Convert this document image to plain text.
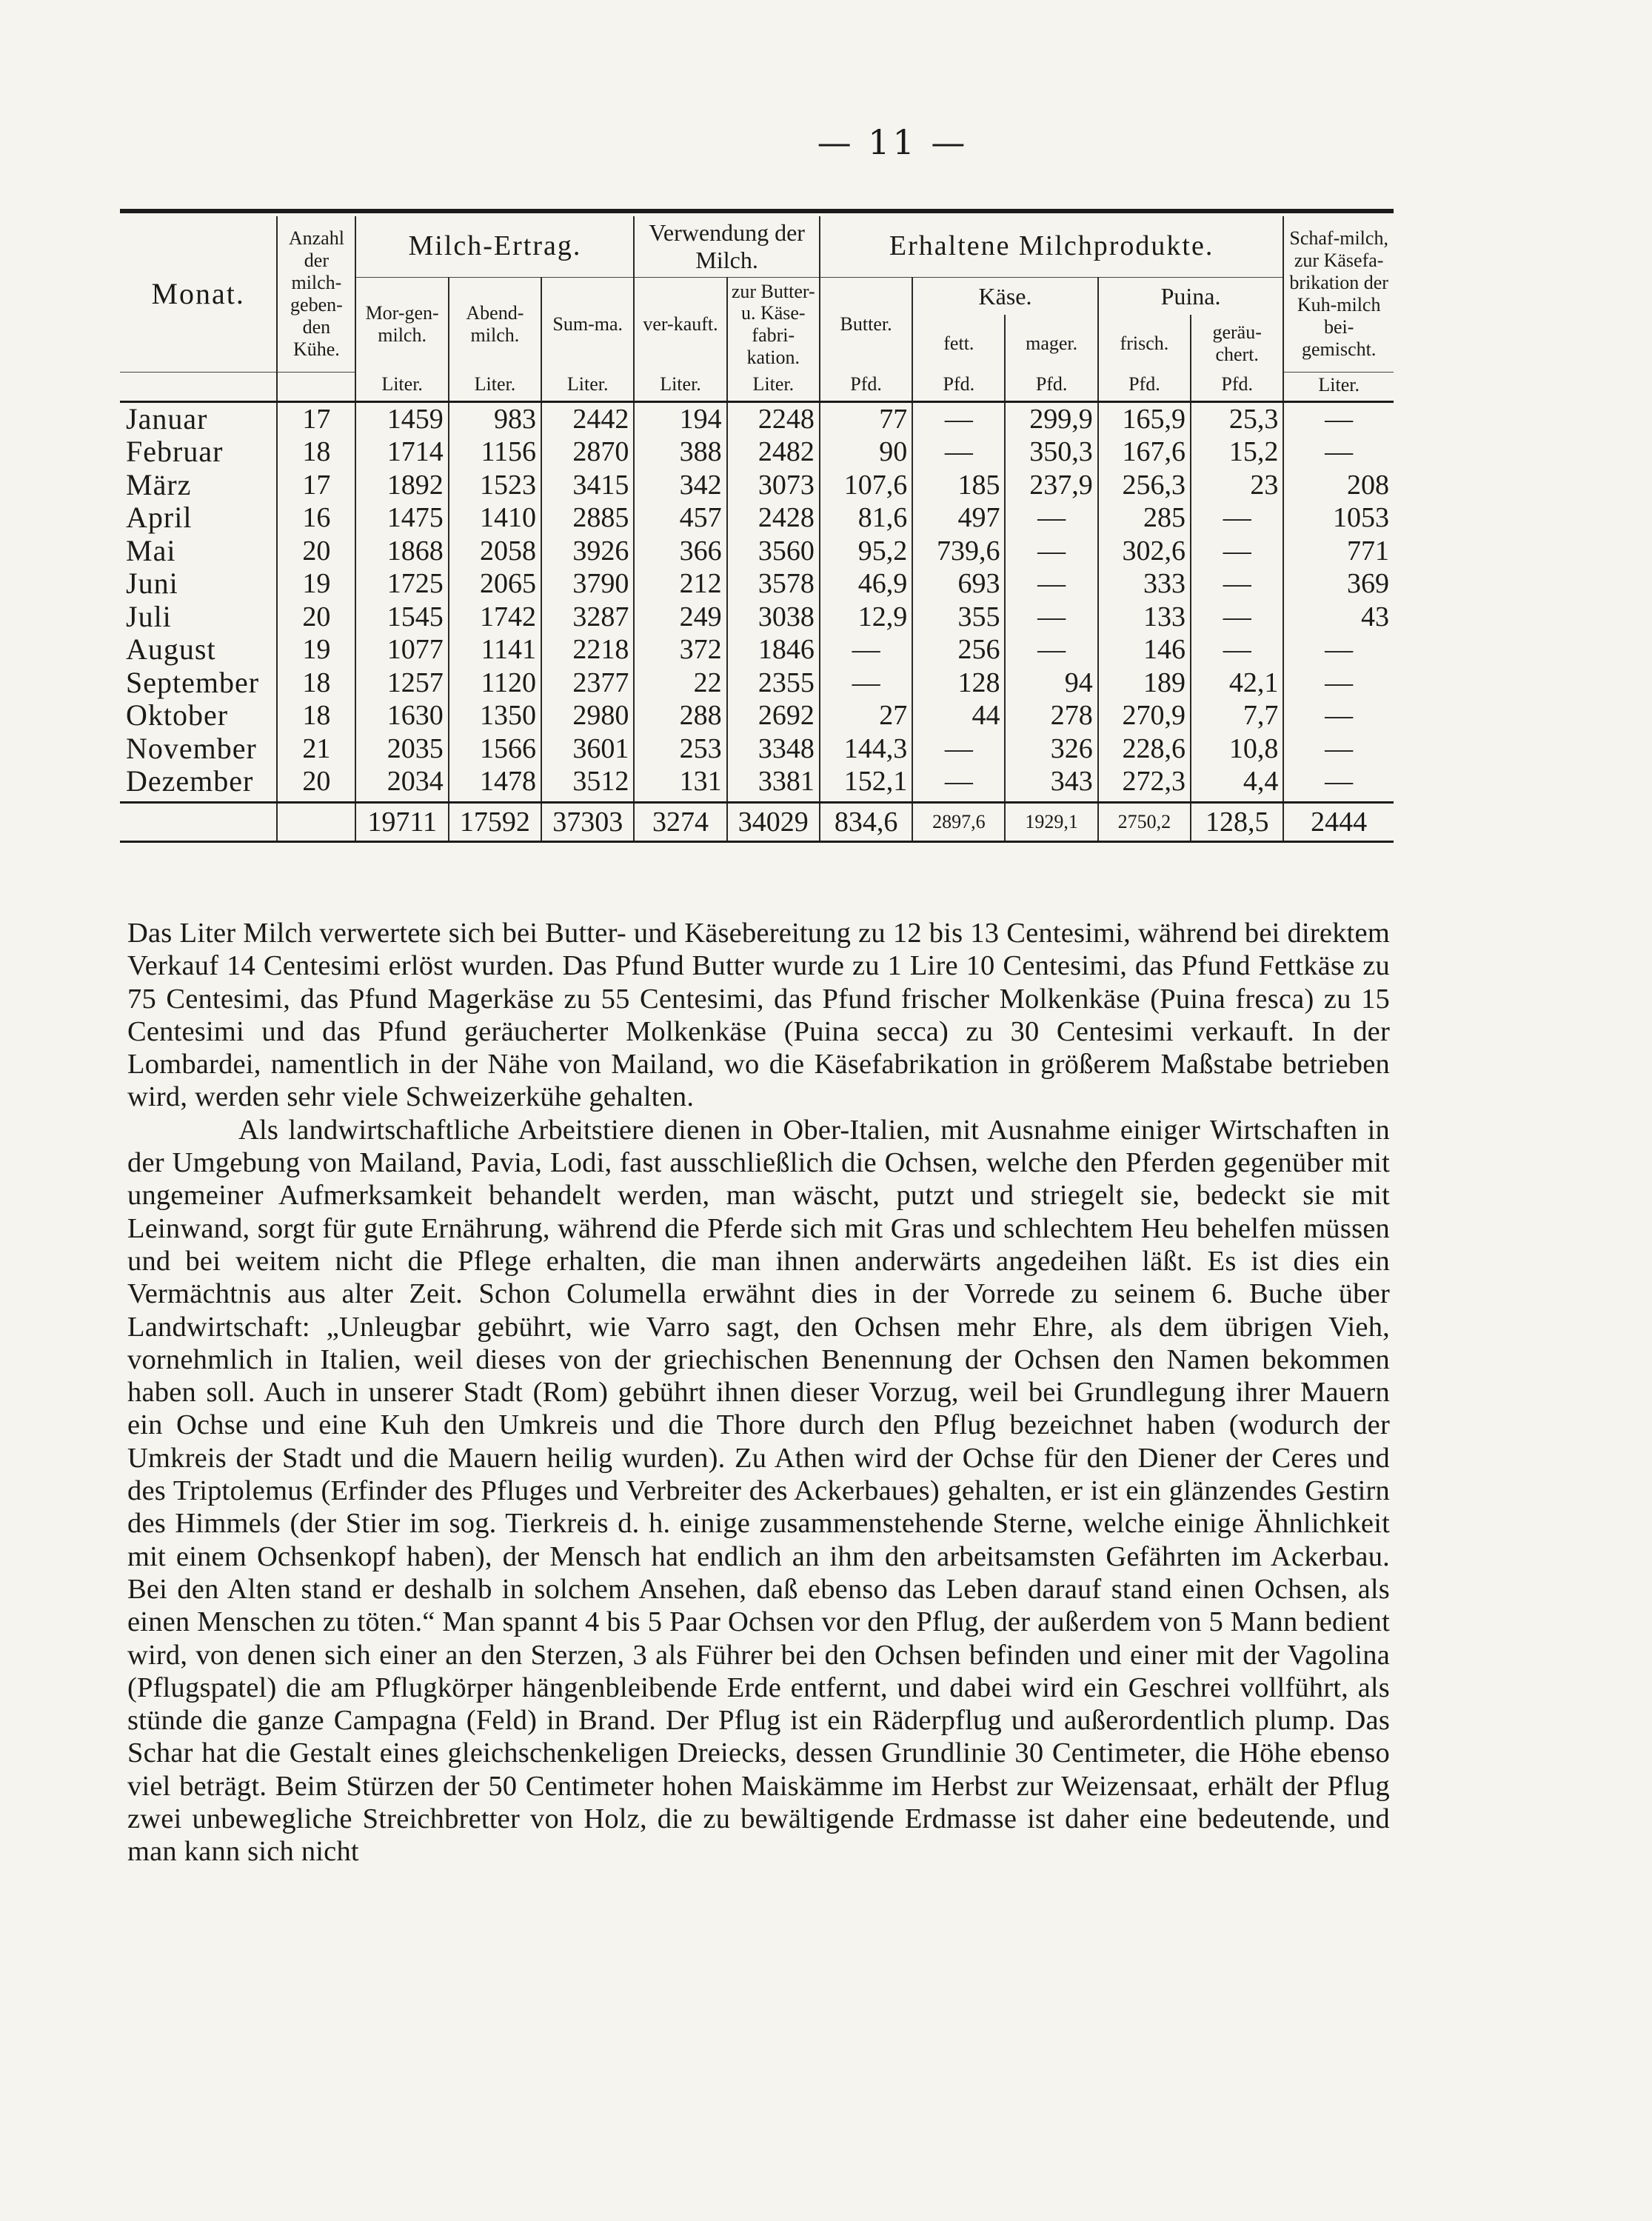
— 11 —
Monat.	Anzahl der milch-geben-den Kühe.	Milch-Ertrag.			Verwendung der Milch.		Erhaltene Milchprodukte.					Schaf-milch, zur Käsefa-brikation der Kuh-milch bei-gemischt.
		Mor-gen-milch.	Abend-milch.	Sum-ma.	ver-kauft.	zur Butter- u. Käse-fabri-kation.	Butter.	Käse.		Puina.		
								fett.	mager.	frisch.	geräu-chert.	
		Liter.	Liter.	Liter.	Liter.	Liter.	Pfd.	Pfd.	Pfd.	Pfd.	Pfd.	Liter.
Januar	17	1459	983	2442	194	2248	77	—	299,9	165,9	25,3	—
Februar	18	1714	1156	2870	388	2482	90	—	350,3	167,6	15,2	—
März	17	1892	1523	3415	342	3073	107,6	185	237,9	256,3	23	208
April	16	1475	1410	2885	457	2428	81,6	497	—	285	—	1053
Mai	20	1868	2058	3926	366	3560	95,2	739,6	—	302,6	—	771
Juni	19	1725	2065	3790	212	3578	46,9	693	—	333	—	369
Juli	20	1545	1742	3287	249	3038	12,9	355	—	133	—	43
August	19	1077	1141	2218	372	1846	—	256	—	146	—	—
September	18	1257	1120	2377	22	2355	—	128	94	189	42,1	—
Oktober	18	1630	1350	2980	288	2692	27	44	278	270,9	7,7	—
November	21	2035	1566	3601	253	3348	144,3	—	326	228,6	10,8	—
Dezember	20	2034	1478	3512	131	3381	152,1	—	343	272,3	4,4	—
		19711	17592	37303	3274	34029	834,6	2897,6	1929,1	2750,2	128,5	2444

Das Liter Milch verwertete sich bei Butter- und Käsebereitung zu 12 bis 13 Centesimi, während bei direktem Verkauf 14 Centesimi erlöst wurden. Das Pfund Butter wurde zu 1 Lire 10 Centesimi, das Pfund Fettkäse zu 75 Centesimi, das Pfund Magerkäse zu 55 Centesimi, das Pfund frischer Molkenkäse (Puina fresca) zu 15 Centesimi und das Pfund geräucherter Molkenkäse (Puina secca) zu 30 Centesimi verkauft. In der Lombardei, namentlich in der Nähe von Mailand, wo die Käsefabrikation in größerem Maßstabe betrieben wird, werden sehr viele Schweizerkühe gehalten.

Als landwirtschaftliche Arbeitstiere dienen in Ober-Italien, mit Ausnahme einiger Wirtschaften in der Umgebung von Mailand, Pavia, Lodi, fast ausschließlich die Ochsen, welche den Pferden gegenüber mit ungemeiner Aufmerksamkeit behandelt werden, man wäscht, putzt und striegelt sie, bedeckt sie mit Leinwand, sorgt für gute Ernährung, während die Pferde sich mit Gras und schlechtem Heu behelfen müssen und bei weitem nicht die Pflege erhalten, die man ihnen anderwärts angedeihen läßt. Es ist dies ein Vermächtnis aus alter Zeit. Schon Columella erwähnt dies in der Vorrede zu seinem 6. Buche über Landwirtschaft: „Unleugbar gebührt, wie Varro sagt, den Ochsen mehr Ehre, als dem übrigen Vieh, vornehmlich in Italien, weil dieses von der griechischen Benennung der Ochsen den Namen bekommen haben soll. Auch in unserer Stadt (Rom) gebührt ihnen dieser Vorzug, weil bei Grundlegung ihrer Mauern ein Ochse und eine Kuh den Umkreis und die Thore durch den Pflug bezeichnet haben (wodurch der Umkreis der Stadt und die Mauern heilig wurden). Zu Athen wird der Ochse für den Diener der Ceres und des Triptolemus (Erfinder des Pfluges und Verbreiter des Ackerbaues) gehalten, er ist ein glänzendes Gestirn des Himmels (der Stier im sog. Tierkreis d. h. einige zusammenstehende Sterne, welche einige Ähnlichkeit mit einem Ochsenkopf haben), der Mensch hat endlich an ihm den arbeitsamsten Gefährten im Ackerbau. Bei den Alten stand er deshalb in solchem Ansehen, daß ebenso das Leben darauf stand einen Ochsen, als einen Menschen zu töten.“ Man spannt 4 bis 5 Paar Ochsen vor den Pflug, der außerdem von 5 Mann bedient wird, von denen sich einer an den Sterzen, 3 als Führer bei den Ochsen befinden und einer mit der Vagolina (Pflugspatel) die am Pflugkörper hängenbleibende Erde entfernt, und dabei wird ein Geschrei vollführt, als stünde die ganze Campagna (Feld) in Brand. Der Pflug ist ein Räderpflug und außerordentlich plump. Das Schar hat die Gestalt eines gleichschenkeligen Dreiecks, dessen Grundlinie 30 Centimeter, die Höhe ebenso viel beträgt. Beim Stürzen der 50 Centimeter hohen Maiskämme im Herbst zur Weizensaat, erhält der Pflug zwei unbewegliche Streichbretter von Holz, die zu bewältigende Erdmasse ist daher eine bedeutende, und man kann sich nicht
